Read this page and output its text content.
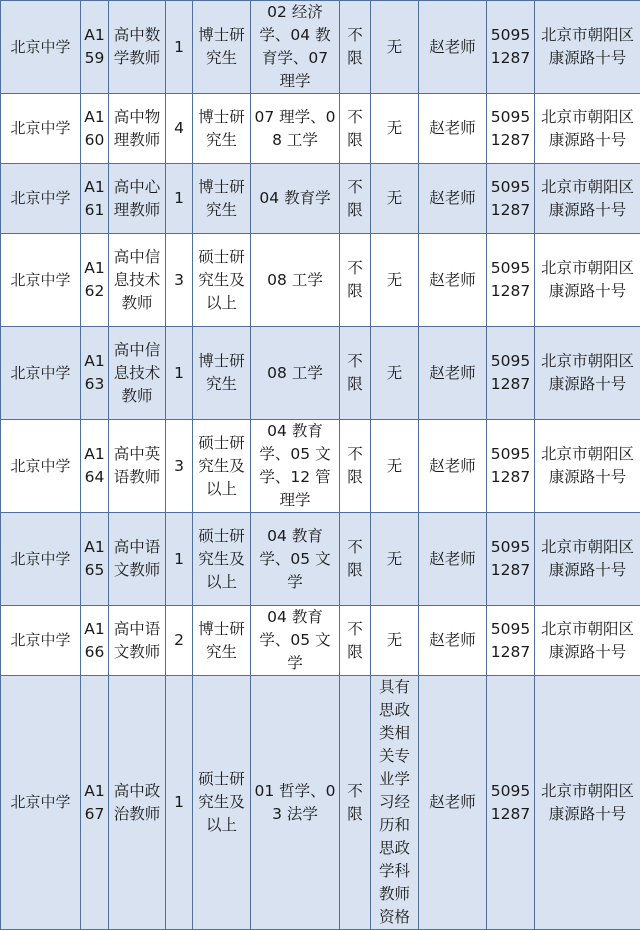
北京中学	A159	高中数学教师	1	博士研究生	02 经济学、04 教育学、07 理学	不限	无	赵老师	50951287	北京市朝阳区康源路十号
北京中学	A160	高中物理教师	4	博士研究生	07 理学、08 工学	不限	无	赵老师	50951287	北京市朝阳区康源路十号
北京中学	A161	高中心理教师	1	博士研究生	04 教育学	不限	无	赵老师	50951287	北京市朝阳区康源路十号
北京中学	A162	高中信息技术教师	3	硕士研究生及以上	08 工学	不限	无	赵老师	50951287	北京市朝阳区康源路十号
北京中学	A163	高中信息技术教师	1	博士研究生	08 工学	不限	无	赵老师	50951287	北京市朝阳区康源路十号
北京中学	A164	高中英语教师	3	硕士研究生及以上	04 教育学、05 文学、12 管理学	不限	无	赵老师	50951287	北京市朝阳区康源路十号
北京中学	A165	高中语文教师	1	硕士研究生及以上	04 教育学、05 文学	不限	无	赵老师	50951287	北京市朝阳区康源路十号
北京中学	A166	高中语文教师	2	博士研究生	04 教育学、05 文学	不限	无	赵老师	50951287	北京市朝阳区康源路十号
北京中学	A167	高中政治教师	1	硕士研究生及以上	01 哲学、03 法学	不限	具有思政类相关专业学习经历和思政学科教师资格	赵老师	50951287	北京市朝阳区康源路十号
